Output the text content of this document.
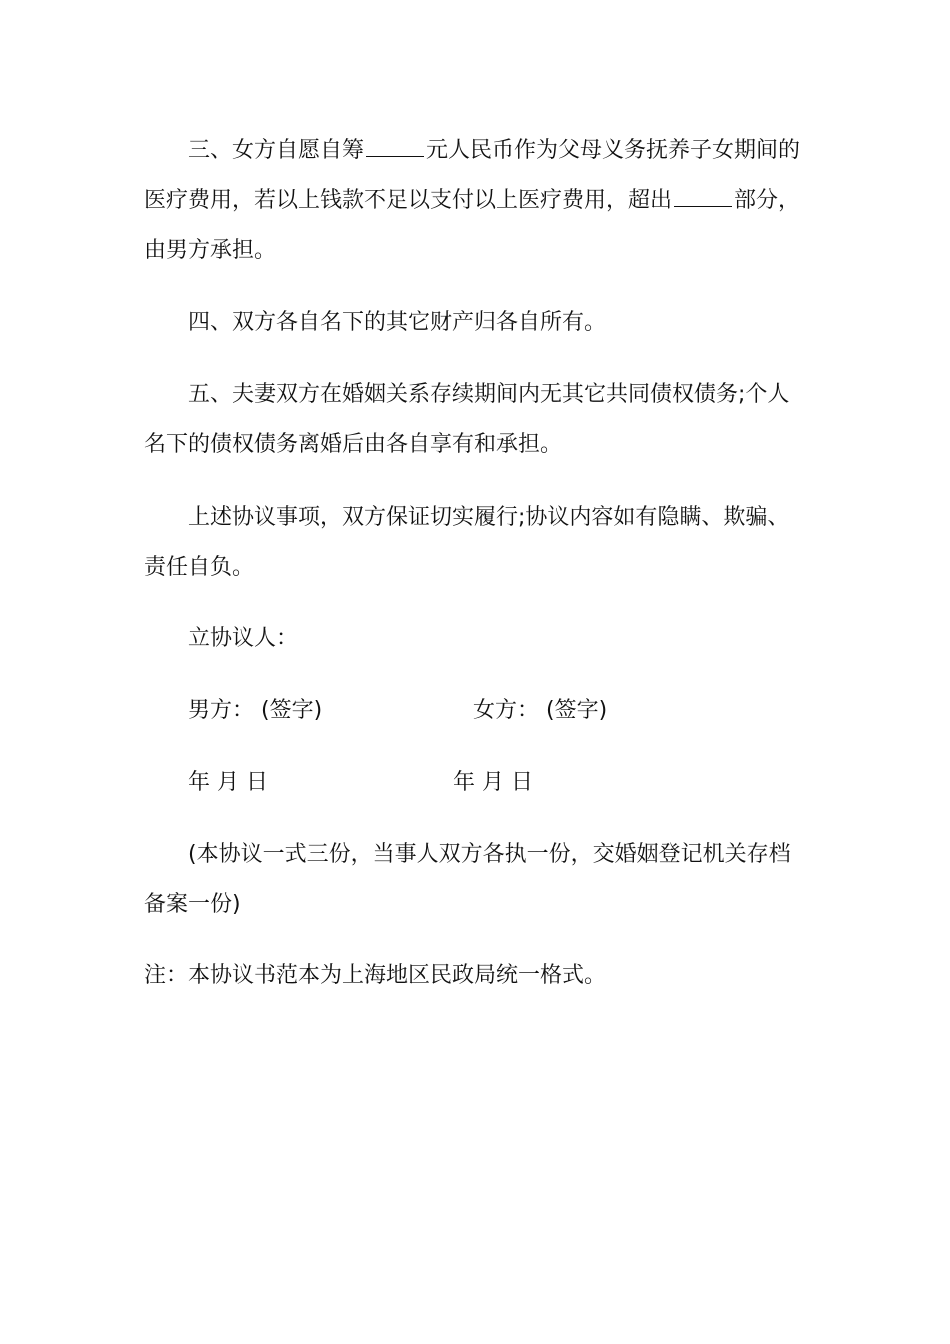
三、女方自愿自筹	元人民币作为父母义务抚养子女期间的医疗费用，若以上钱款不足以支付以上医疗费用，超出	部分，由男方承担。

四、双方各自名下的其它财产归各自所有。

五、夫妻双方在婚姻关系存续期间内无其它共同债权债务;个人名下的债权债务离婚后由各自享有和承担。

上述协议事项，双方保证切实履行;协议内容如有隐瞒、欺骗、责任自负。

立协议人：
男方： (签字)	女方： (签字)
年 月 日	年 月 日

(本协议一式三份，当事人双方各执一份，交婚姻登记机关存档备案一份)

注：本协议书范本为上海地区民政局统一格式。
